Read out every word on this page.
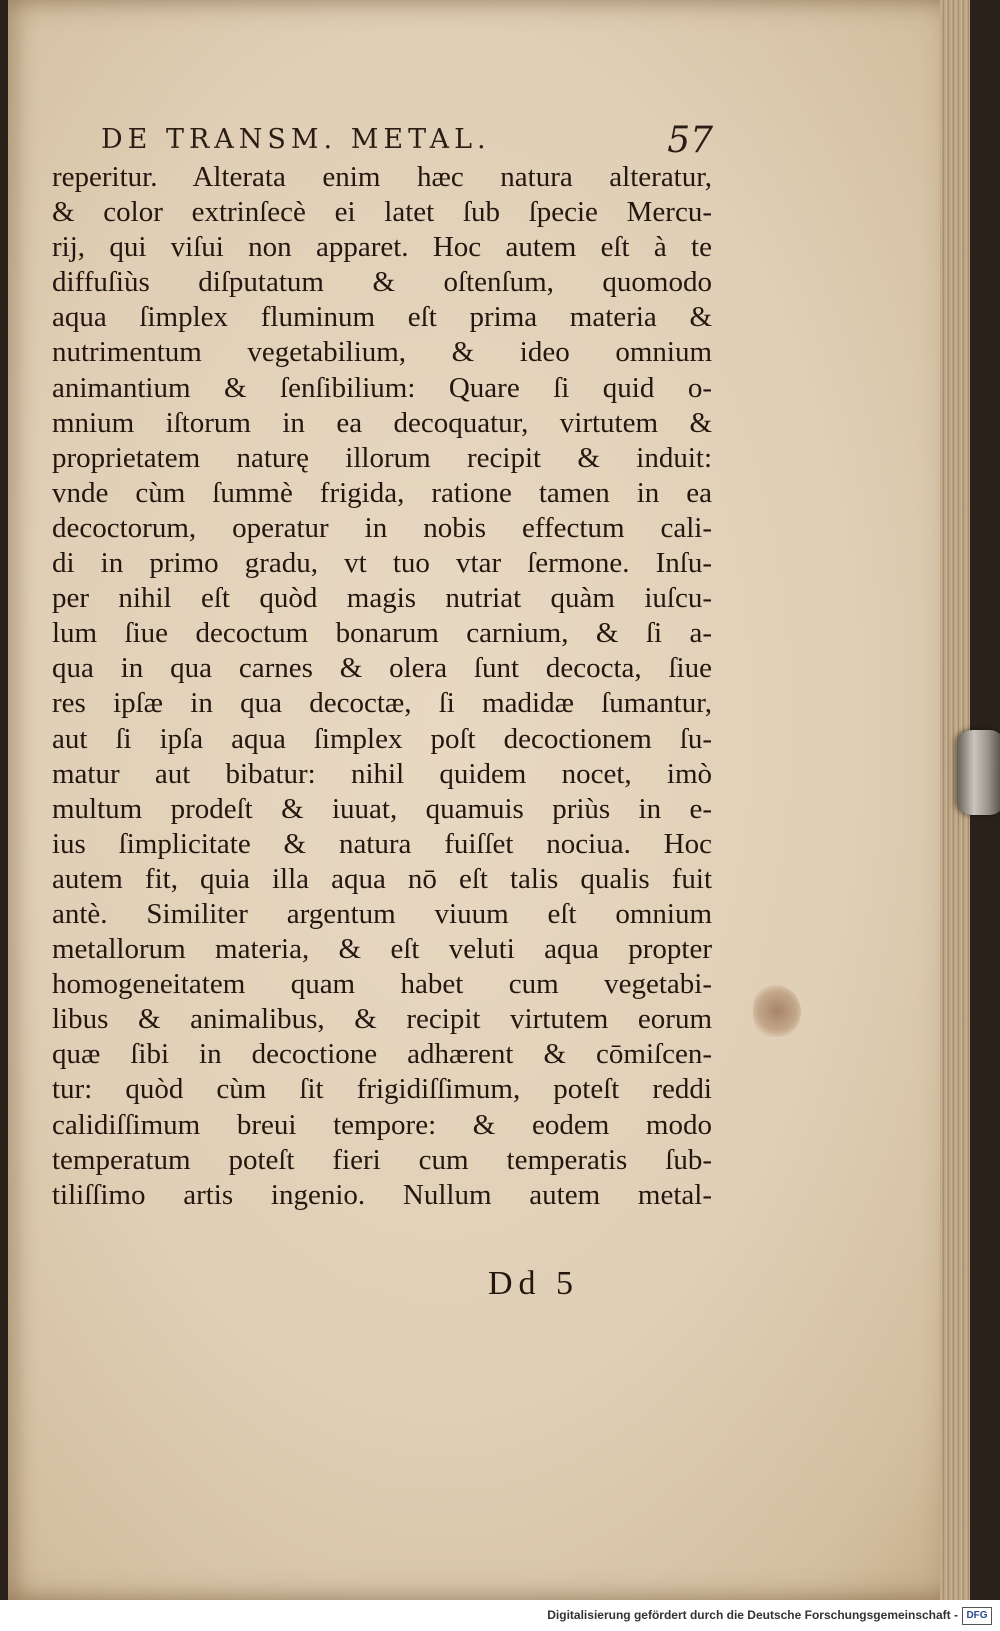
DE TRANSM. METAL.	57
reperitur. Alterata enim hæc natura alteratur,
& color extrinſecè ei latet ſub ſpecie Mercu-
rij, qui viſui non apparet. Hoc autem eſt à te
diffuſiùs diſputatum & oſtenſum, quomodo
aqua ſimplex fluminum eſt prima materia &
nutrimentum vegetabilium, & ideo omnium
animantium & ſenſibilium: Quare ſi quid o-
mnium iſtorum in ea decoquatur, virtutem &
proprietatem naturę illorum recipit & induit:
vnde cùm ſummè frigida, ratione tamen in ea
decoctorum, operatur in nobis effectum cali-
di in primo gradu, vt tuo vtar ſermone. Inſu-
per nihil eſt quòd magis nutriat quàm iuſcu-
lum ſiue decoctum bonarum carnium, & ſi a-
qua in qua carnes & olera ſunt decocta, ſiue
res ipſæ in qua decoctæ, ſi madidæ ſumantur,
aut ſi ipſa aqua ſimplex poſt decoctionem ſu-
matur aut bibatur: nihil quidem nocet, imò
multum prodeſt & iuuat, quamuis priùs in e-
ius ſimplicitate & natura fuiſſet nociua. Hoc
autem fit, quia illa aqua nō eſt talis qualis fuit
antè. Similiter argentum viuum eſt omnium
metallorum materia, & eſt veluti aqua propter
homogeneitatem quam habet cum vegetabi-
libus & animalibus, & recipit virtutem eorum
quæ ſibi in decoctione adhærent & cōmiſcen-
tur: quòd cùm ſit frigidiſſimum, poteſt reddi
calidiſſimum breui tempore: & eodem modo
temperatum poteſt fieri cum temperatis ſub-
tiliſſimo artis ingenio. Nullum autem metal-
Dd 5
Digitalisierung gefördert durch die Deutsche Forschungsgemeinschaft - DFG
